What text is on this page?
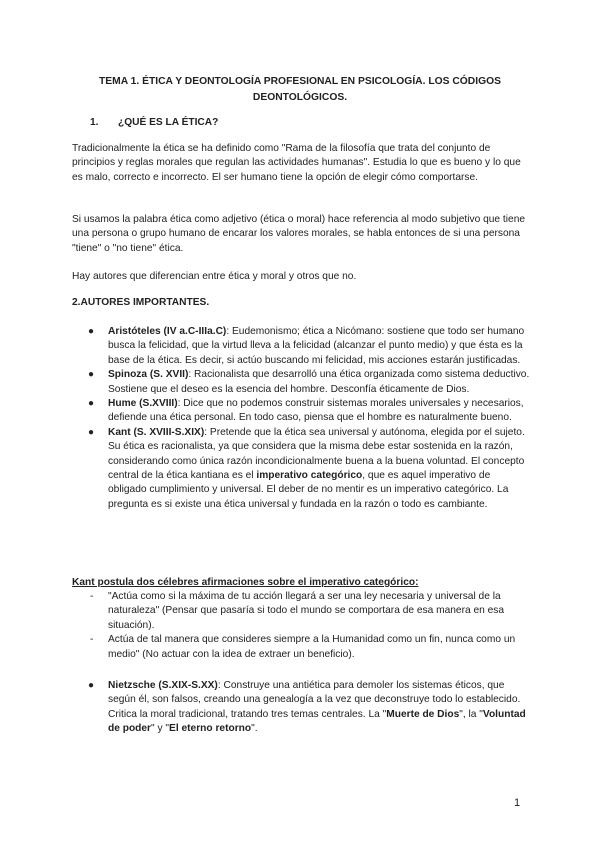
TEMA 1. ÉTICA Y DEONTOLOGÍA PROFESIONAL EN PSICOLOGÍA. LOS CÓDIGOS DEONTOLÓGICOS.
1. ¿QUÉ ES LA ÉTICA?

Tradicionalmente la ética se ha definido como "Rama de la filosofía que trata del conjunto de principios y reglas morales que regulan las actividades humanas". Estudia lo que es bueno y lo que es malo, correcto e incorrecto. El ser humano tiene la opción de elegir cómo comportarse.

Si usamos la palabra ética como adjetivo (ética o moral) hace referencia al modo subjetivo que tiene una persona o grupo humano de encarar los valores morales, se habla entonces de si una persona "tiene" o "no tiene" ética.

Hay autores que diferencian entre ética y moral y otros que no.

2.AUTORES IMPORTANTES.
● Aristóteles (IV a.C-IIIa.C): Eudemonismo; ética a Nicómano: sostiene que todo ser humano busca la felicidad, que la virtud lleva a la felicidad (alcanzar el punto medio) y que ésta es la base de la ética. Es decir, si actúo buscando mi felicidad, mis acciones estarán justificadas.
● Spinoza (S. XVII): Racionalista que desarrolló una ética organizada como sistema deductivo. Sostiene que el deseo es la esencia del hombre. Desconfía éticamente de Dios.
● Hume (S.XVIII): Dice que no podemos construir sistemas morales universales y necesarios, defiende una ética personal. En todo caso, piensa que el hombre es naturalmente bueno.
● Kant (S. XVIII-S.XIX): Pretende que la ética sea universal y autónoma, elegida por el sujeto. Su ética es racionalista, ya que considera que la misma debe estar sostenida en la razón, considerando como única razón incondicionalmente buena a la buena voluntad. El concepto central de la ética kantiana es el imperativo categórico, que es aquel imperativo de obligado cumplimiento y universal. El deber de no mentir es un imperativo categórico. La pregunta es si existe una ética universal y fundada en la razón o todo es cambiante.
Kant postula dos célebres afirmaciones sobre el imperativo categórico:
- "Actúa como si la máxima de tu acción llegará a ser una ley necesaria y universal de la naturaleza" (Pensar que pasaría si todo el mundo se comportara de esa manera en esa situación).
- Actúa de tal manera que consideres siempre a la Humanidad como un fin, nunca como un medio" (No actuar con la idea de extraer un beneficio).
● Nietzsche (S.XIX-S.XX): Construye una antiética para demoler los sistemas éticos, que según él, son falsos, creando una genealogía a la vez que deconstruye todo lo establecido. Critica la moral tradicional, tratando tres temas centrales. La "Muerte de Dios", la "Voluntad de poder" y "El eterno retorno".
1
